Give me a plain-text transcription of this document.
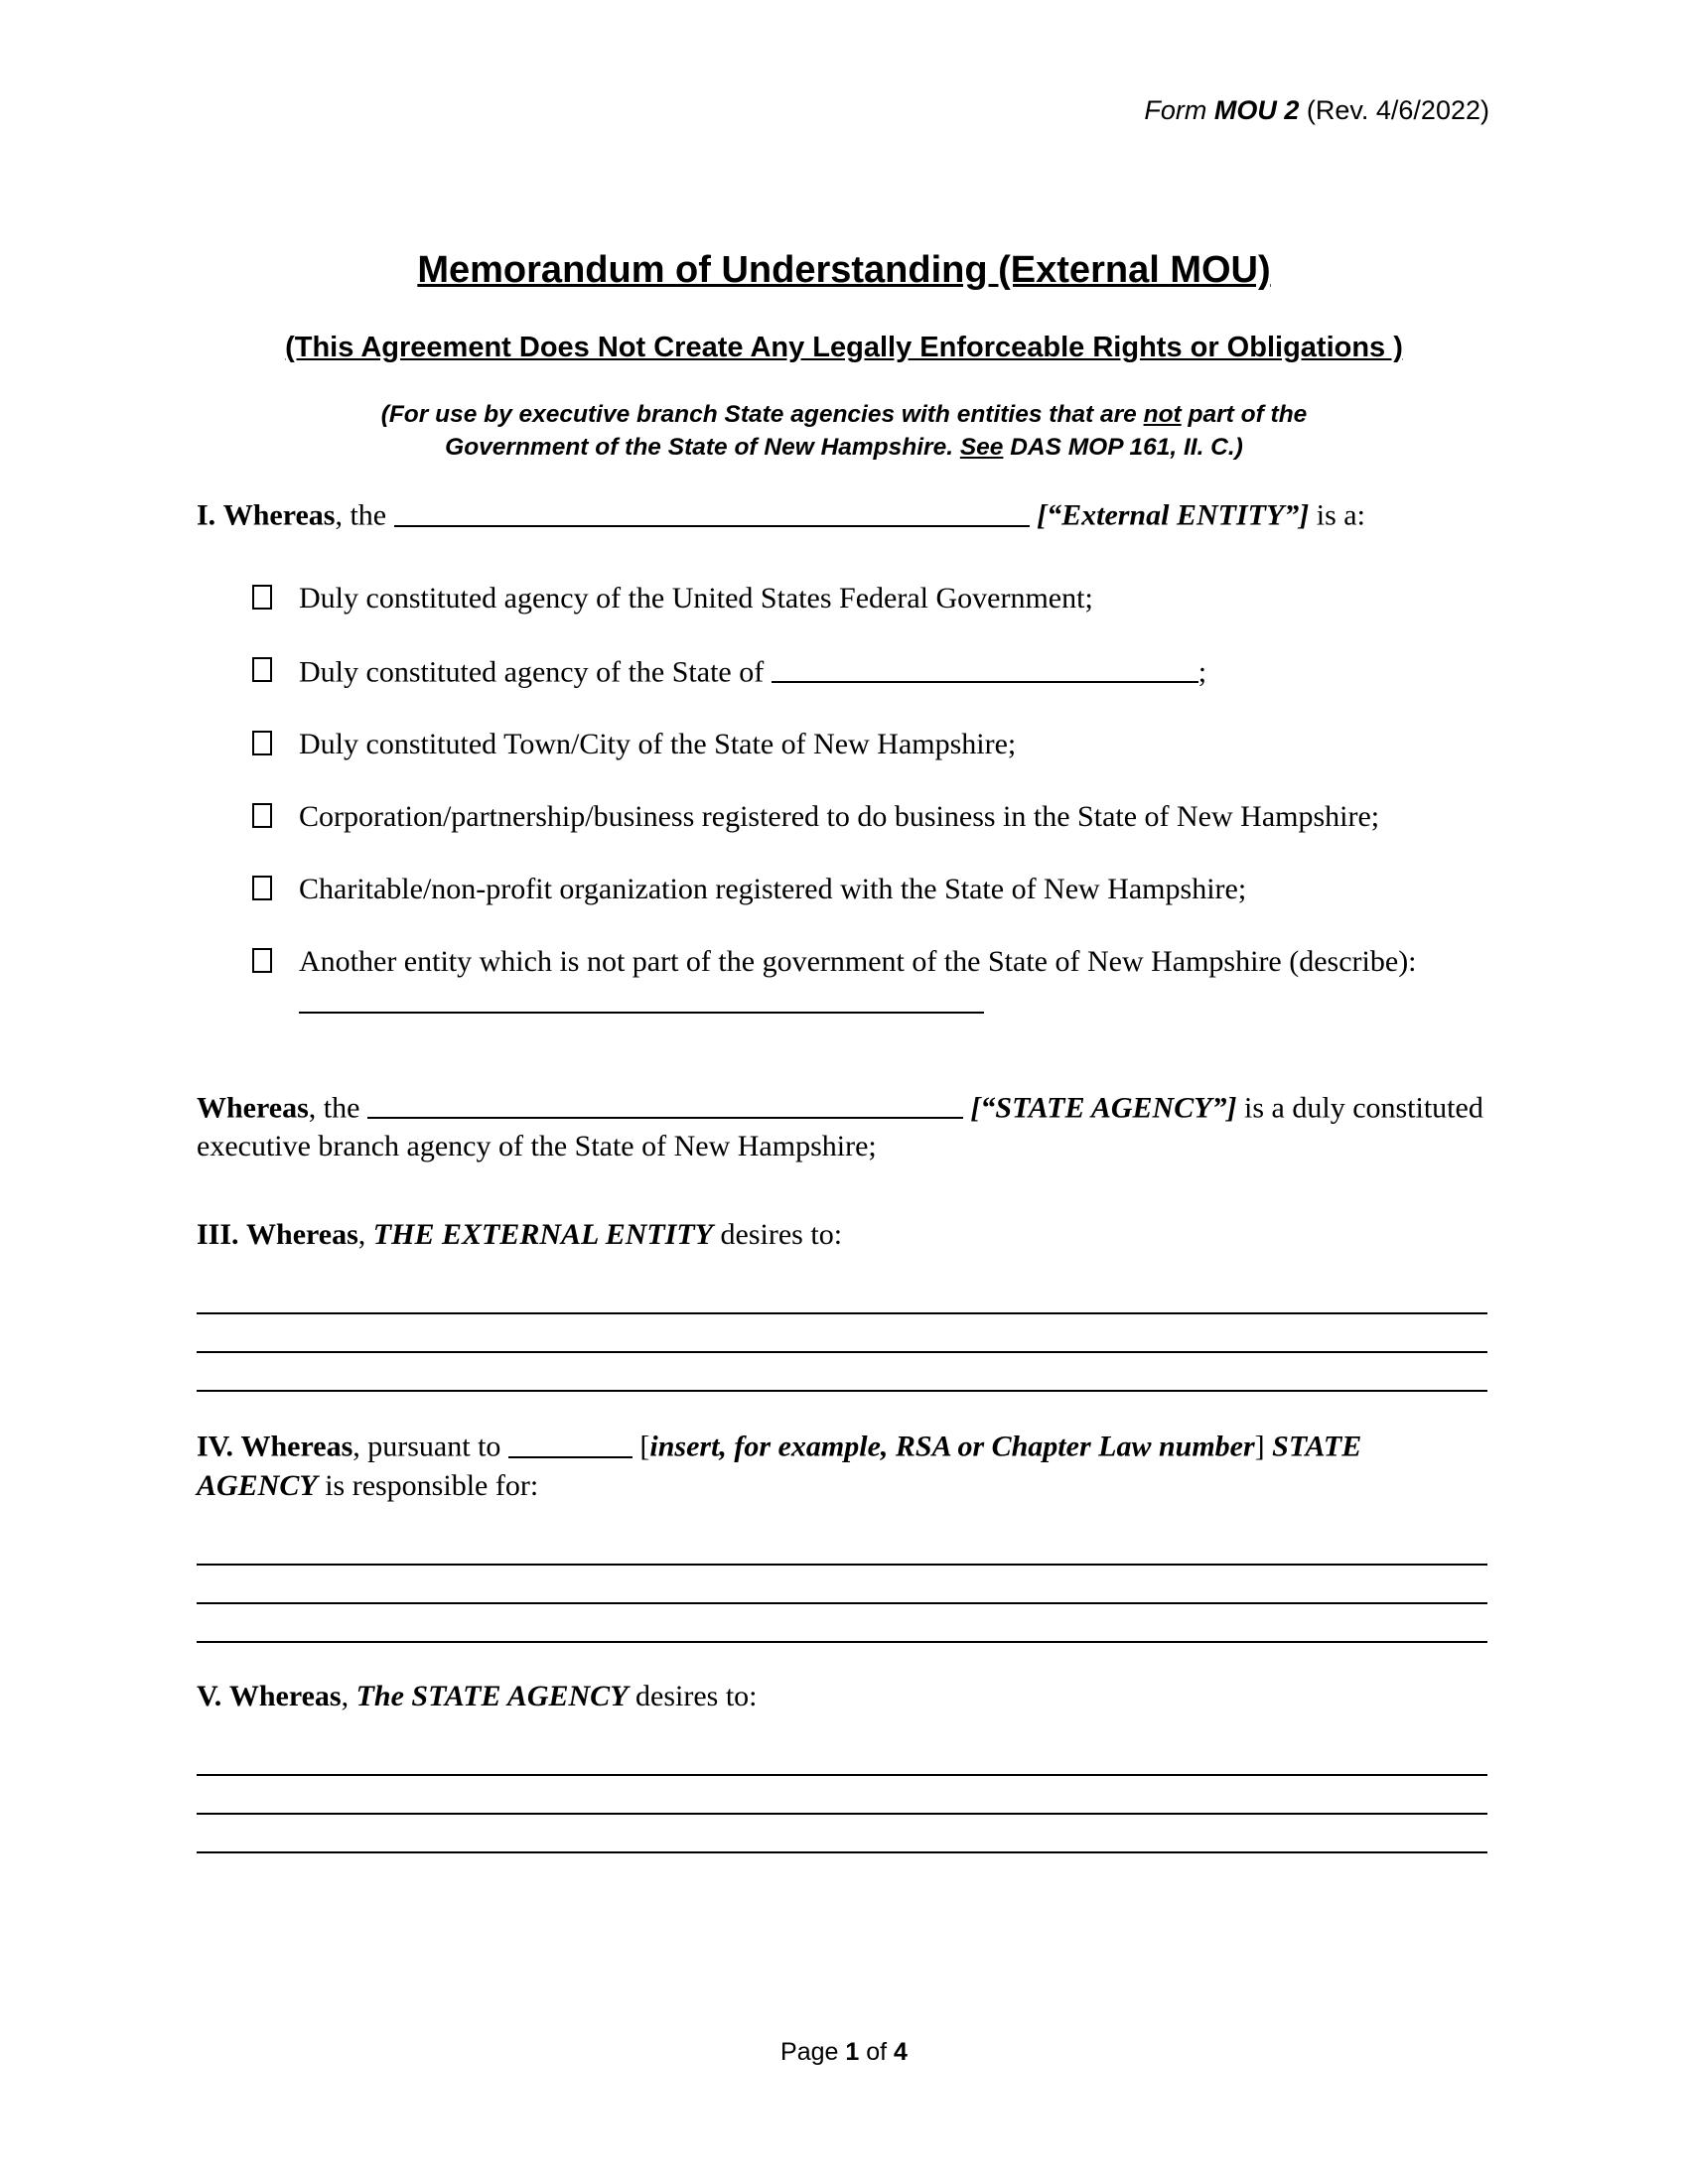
Form MOU 2 (Rev. 4/6/2022)
Memorandum of Understanding (External MOU)
(This Agreement Does Not Create Any Legally Enforceable Rights or Obligations )
(For use by executive branch State agencies with entities that are not part of the
Government of the State of New Hampshire. See DAS MOP 161, II. C.)
I. Whereas, the	[“External ENTITY”] is a:
Duly constituted agency of the United States Federal Government;
Duly constituted agency of the State of	;
Duly constituted Town/City of the State of New Hampshire;
Corporation/partnership/business registered to do business in the State of New Hampshire;
Charitable/non-profit organization registered with the State of New Hampshire;
Another entity which is not part of the government of the State of New Hampshire (describe):
Whereas, the	[“STATE AGENCY”] is a duly constituted executive branch agency of the State of New Hampshire;
III. Whereas, THE EXTERNAL ENTITY desires to:
IV. Whereas, pursuant to	[insert, for example, RSA or Chapter Law number] STATE AGENCY is responsible for:
V. Whereas, The STATE AGENCY desires to:
Page 1 of 4
